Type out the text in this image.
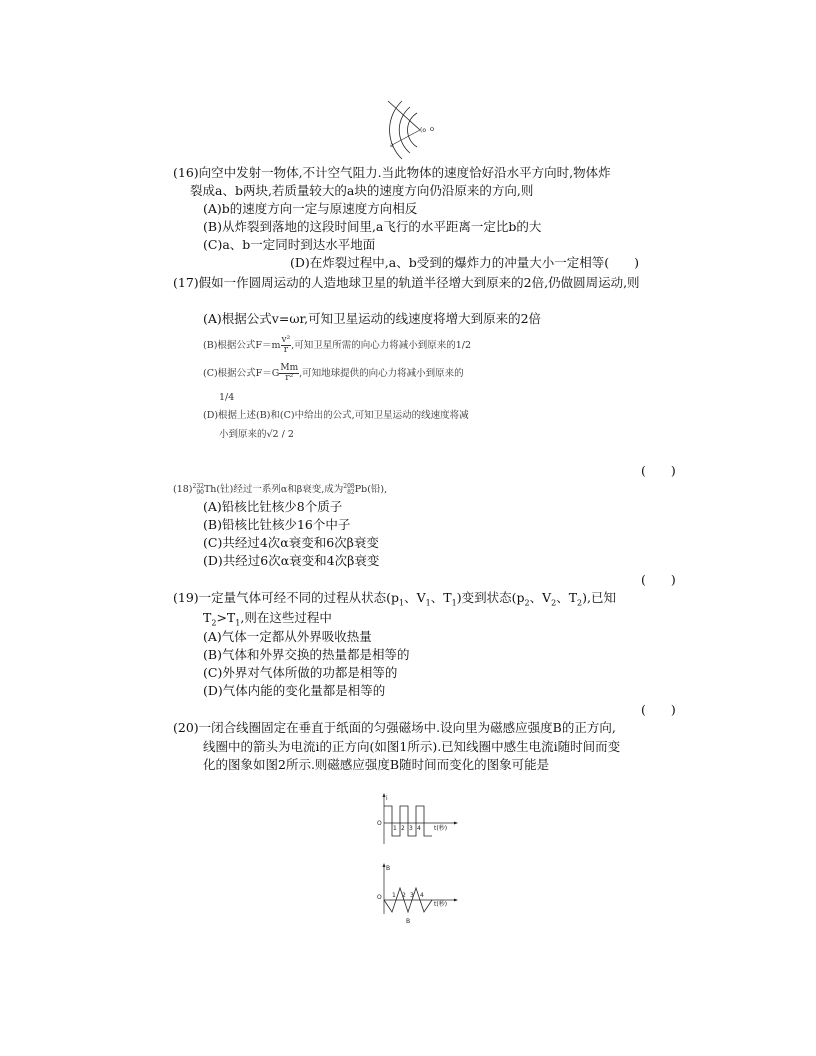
a
(o
(16)向空中发射一物体,不计空气阻力.当此物体的速度恰好沿水平方向时,物体炸
裂成a、b两块,若质量较大的a块的速度方向仍沿原来的方向,则
(A)b的速度方向一定与原速度方向相反
(B)从炸裂到落地的这段时间里,a飞行的水平距离一定比b的大
(C)a、b一定同时到达水平地面
(D)在炸裂过程中,a、b受到的爆炸力的冲量大小一定相等(　　)
(17)假如一作圆周运动的人造地球卫星的轨道半径增大到原来的2倍,仍做圆周运动,则
(A)根据公式v=ωr,可知卫星运动的线速度将增大到原来的2倍
(B)根据公式$F=m \frac{\text{v²}}{r}$ ,可知卫星所需的向心力将减小到原来的1/2
(C)根据公式$F=G \frac{Mm}{\text{r²}}$ ,可知地球提供的向心力将减小到原来的
1/4
(D)根据上述(B)和(C)中给出的公式,可知卫星运动的线速度将减
小到原来的√2 / 2
(　　)
(18) 232
90 Th(钍)经过一系列α和β衰变,成为 208
82 Pb(铅),
(A)铅核比钍核少8个质子
(B)铅核比钍核少16个中子
(C)共经过4次α衰变和6次β衰变
(D)共经过6次α衰变和4次β衰变
(　　)
(19)一定量气体可经不同的过程从状态($p_1$、$V_1$、$T_1$)变到状态($p_2$、$V_2$、$T_2$),已知
$T_2>T_1$,则在这些过程中
(A)气体一定都从外界吸收热量
(B)气体和外界交换的热量都是相等的
(C)外界对气体所做的功都是相等的
(D)气体内能的变化量都是相等的
(　　)
(20)一闭合线圈固定在垂直于纸面的匀强磁场中.设向里为磁感应强度B的正方向,
线圈中的箭头为电流i的正方向(如图1所示).已知线圈中感生电流i随时间而变
化的图象如图2所示.则磁感应强度B随时间而变化的图象可能是
i
O
1 2 3 4 t(秒)
B
O 1 2 3 4
t(秒)
B
